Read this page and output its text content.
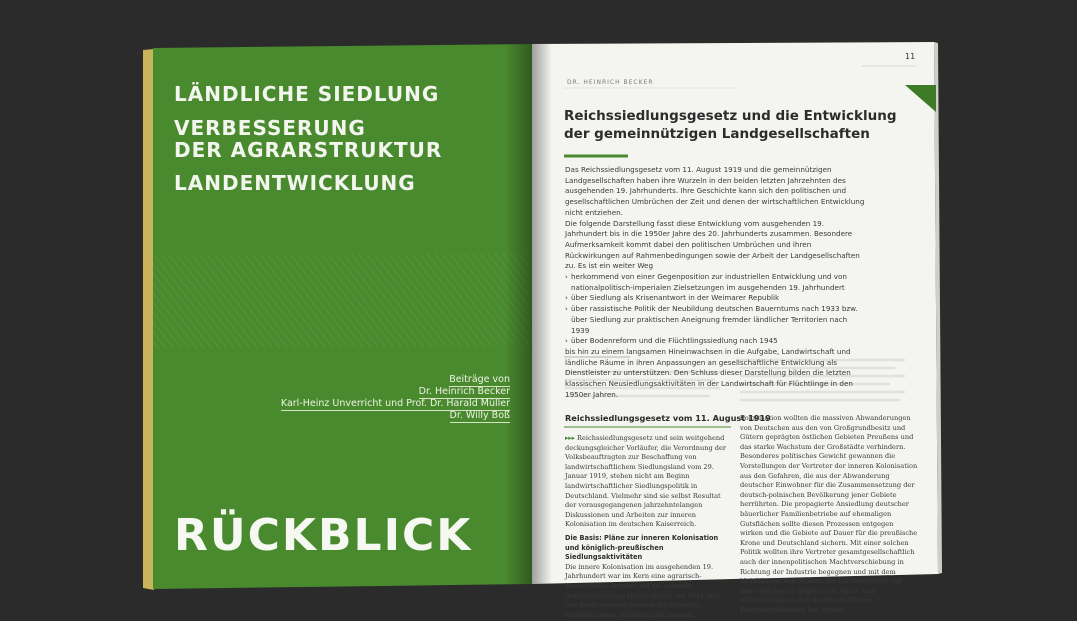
LÄNDLICHE SIEDLUNG
VERBESSERUNG
DER AGRARSTRUKTUR
LANDENTWICKLUNG
Beiträge von
Dr. Heinrich Becker
Karl-Heinz Unverricht und Prof. Dr. Harald Müller
Dr. Willy Boß
RÜCKBLICK
11
DR. HEINRICH BECKER
Reichssiedlungsgesetz und die Entwicklung
der gemeinnützigen Landgesellschaften

Das Reichssiedlungsgesetz vom 11. August 1919 und die gemeinnützigen Landgesellschaften haben ihre Wurzeln in den beiden letzten Jahrzehnten des ausgehenden 19. Jahrhunderts. Ihre Geschichte kann sich den politischen und gesellschaftlichen Umbrüchen der Zeit und denen der wirtschaftlichen Entwicklung nicht entziehen.

Die folgende Darstellung fasst diese Entwicklung vom ausgehenden 19. Jahrhundert bis in die 1950er Jahre des 20. Jahrhunderts zusammen. Besondere Aufmerksamkeit kommt dabei den politischen Umbrüchen und ihren Rückwirkungen auf Rahmenbedingungen sowie der Arbeit der Landgesellschaften zu. Es ist ein weiter Weg

› herkommend von einer Gegenposition zur industriellen Entwicklung und von nationalpolitisch-imperialen Zielsetzungen im ausgehenden 19. Jahrhundert
› über Siedlung als Krisenantwort in der Weimarer Republik
› über rassistische Politik der Neubildung deutschen Bauerntums nach 1933 bzw. über Siedlung zur praktischen Aneignung fremder ländlicher Territorien nach 1939
› über Bodenreform und die Flüchtlingssiedlung nach 1945

bis hin zu einem langsamen Hineinwachsen in die Aufgabe, Landwirtschaft und ländliche Räume in ihren Anpassungen an gesellschaftliche Entwicklung als Dienstleister zu unterstützen. Den Schluss dieser Darstellung bilden die letzten klassischen Neusiedlungsaktivitäten in der Landwirtschaft für Flüchtlinge in den 1950er Jahren.

Reichssiedlungsgesetz vom 11. August 1919

▸▸▸ Reichssiedlungsgesetz und sein weitgehend deckungsgleicher Vorläufer, die Verordnung der Volksbeauftragten zur Beschaffung von landwirtschaftlichem Siedlungsland vom 29. Januar 1919, stehen nicht am Beginn landwirtschaftlicher Siedlungspolitik in Deutschland. Vielmehr sind sie selbst Resultat der vorausgegangenen jahrzehntelangen Diskussionen und Arbeiten zur inneren Kolonisation im deutschen Kaiserreich.

Die Basis: Pläne zur inneren Kolonisation und königlich-preußischen Siedlungsaktivitäten

Die innere Kolonisation im ausgehenden 19. Jahrhundert war im Kern eine agrarisch-konservative Antwort auf die schnelle Industrialisierung Deutschlands vor 1914 und den damit einhergehenden strukturellen Veränderungen. Vertreter der inneren

Kolonisation wollten die massiven Abwanderungen von Deutschen aus den von Großgrundbesitz und Gütern geprägten östlichen Gebieten Preußens und das starke Wachstum der Großstädte verhindern. Besonderes politisches Gewicht gewannen die Vorstellungen der Vertreter der inneren Kolonisation aus den Gefahren, die aus der Abwanderung deutscher Einwohner für die Zusammensetzung der deutsch-polnischen Bevölkerung jener Gebiete herrührten. Die propagierte Ansiedlung deutscher bäuerlicher Familienbetriebe auf ehemaligen Gutsflächen sollte diesen Prozessen entgegen wirken und die Gebiete auf Dauer für die preußische Krone und Deutschland sichern. Mit einer solchen Politik wollten ihre Vertreter gesamtgesellschaftlich auch der innenpolitischen Machtverschiebung in Richtung der Industrie begegnen und mit dem kleinbäuerlichen Ausbau der Landwirtschaft auf eine Gleichgewichtigkeit von Agrar- und Industriestaat in den gesellschaftlichen Kräfteverhältnissen hin wirken.
